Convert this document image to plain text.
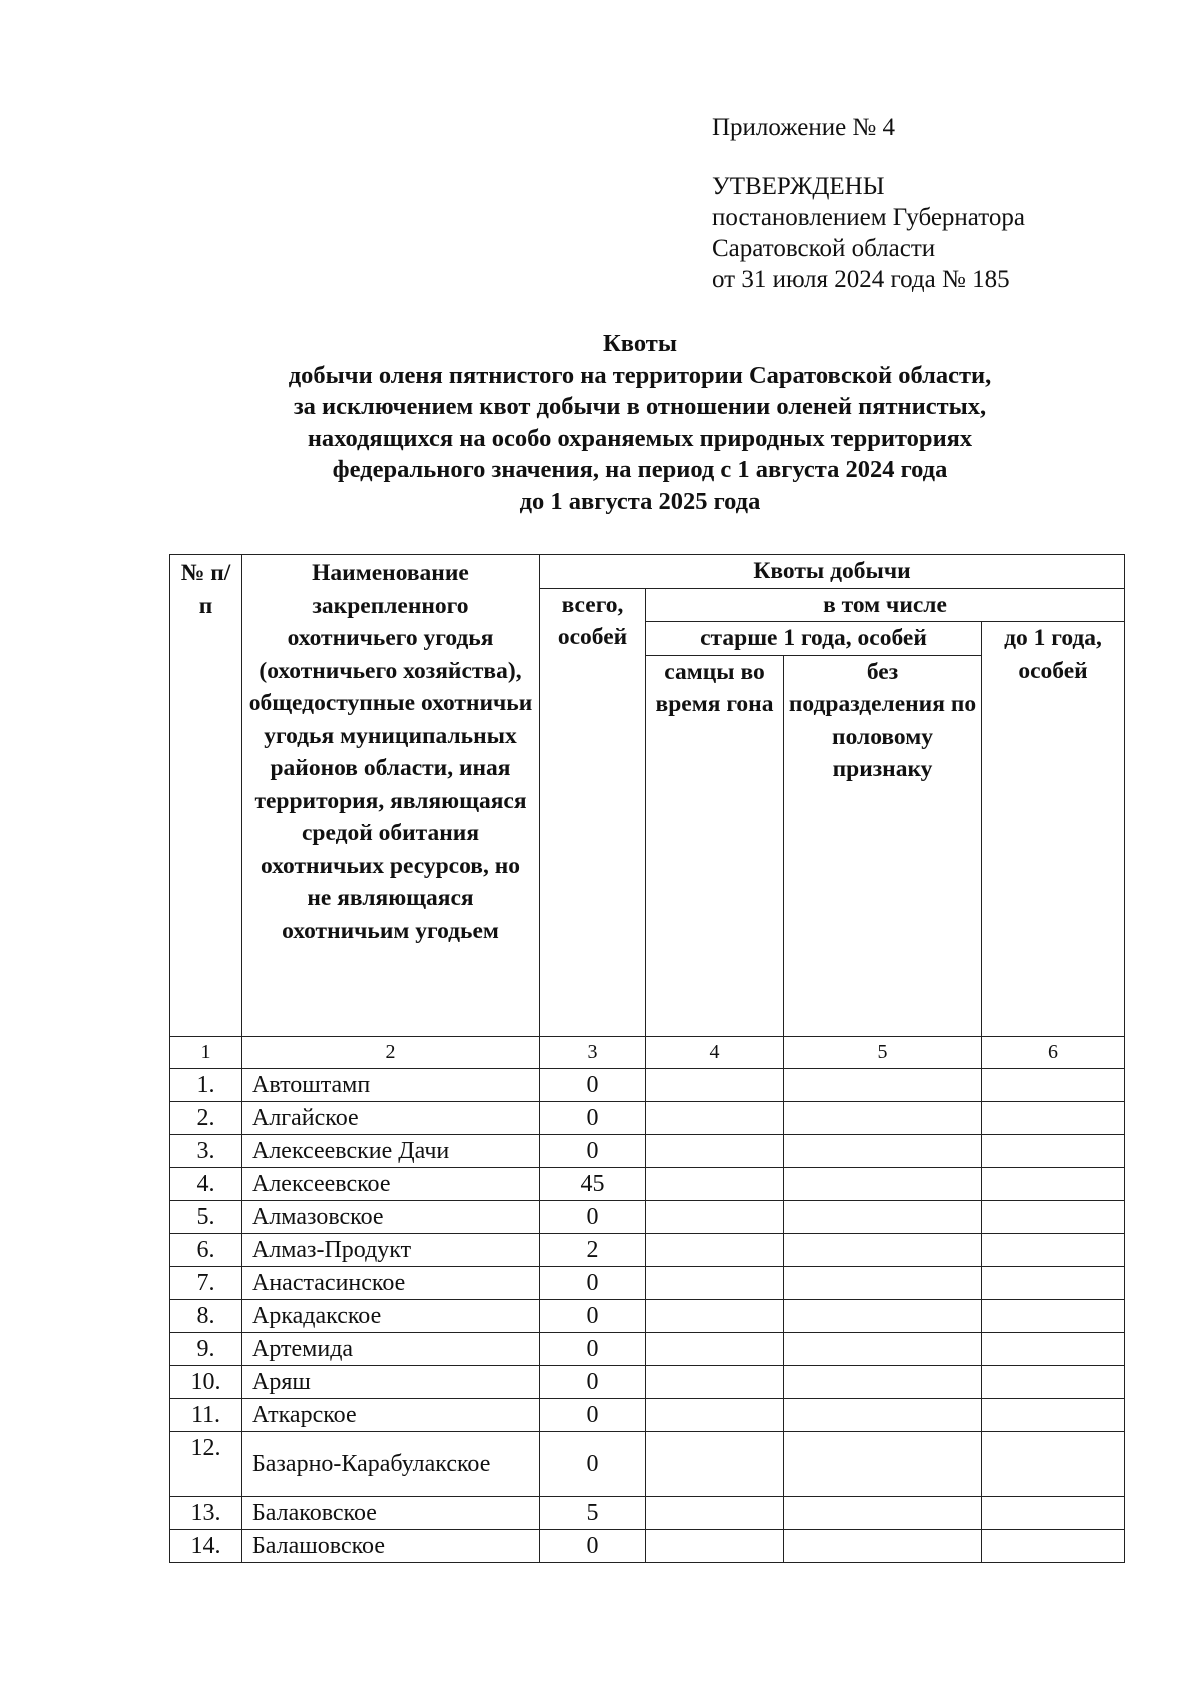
Приложение № 4
УТВЕРЖДЕНЫ
постановлением Губернатора
Саратовской области
от 31 июля 2024 года № 185
Квоты
добычи оленя пятнистого на территории Саратовской области,
за исключением квот добычи в отношении оленей пятнистых,
находящихся на особо охраняемых природных территориях
федерального значения, на период с 1 августа 2024 года
до 1 августа 2025 года
№ п/п	Наименование закрепленного охотничьего угодья (охотничьего хозяйства), общедоступные охотничьи угодья муниципальных районов области, иная территория, являющаяся средой обитания охотничьих ресурсов, но не являющаяся охотничьим угодьем	Квоты добычи			
		всего, особей	в том числе		
			старше 1 года, особей		до 1 года, особей
			самцы во время гона	без подразделения по половому признаку	
1	2	3	4	5	6
1.	Автоштамп	0			
2.	Алгайское	0			
3.	Алексеевские Дачи	0			
4.	Алексеевское	45			
5.	Алмазовское	0			
6.	Алмаз-Продукт	2			
7.	Анастасинское	0			
8.	Аркадакское	0			
9.	Артемида	0			
10.	Аряш	0			
11.	Аткарское	0			
12.	Базарно-Карабулакское	0			
13.	Балаковское	5			
14.	Балашовское	0			
